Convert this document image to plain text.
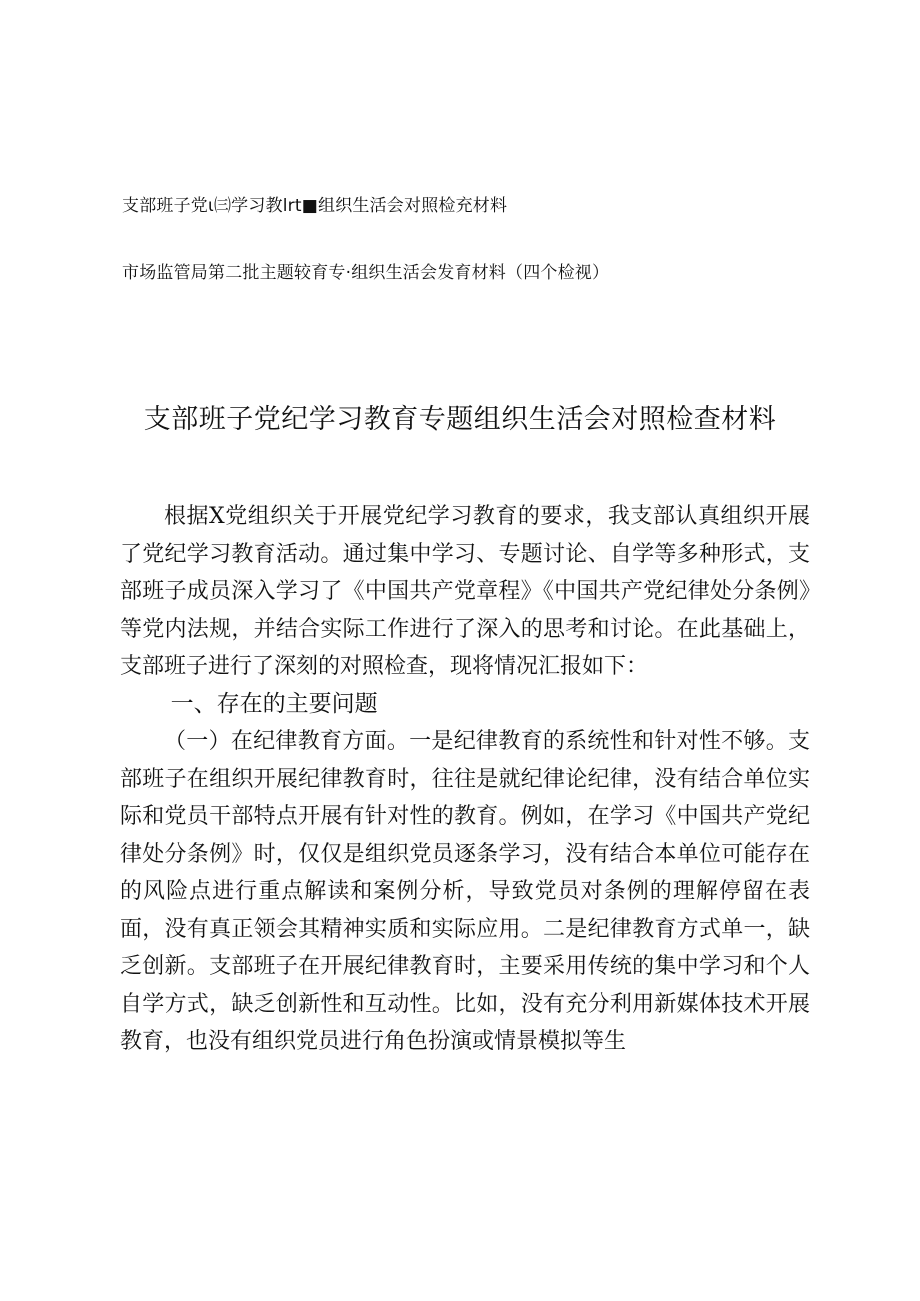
支部班子党ι㈢学习教lrt■组织生活会对照检充材料
市场监管局第二批主题较育专·组织生活会发育材料（四个检视）
支部班子党纪学习教育专题组织生活会对照检查材料

根据X党组织关于开展党纪学习教育的要求，我支部认真组织开展了党纪学习教育活动。通过集中学习、专题讨论、自学等多种形式，支部班子成员深入学习了《中国共产党章程》《中国共产党纪律处分条例》等党内法规，并结合实际工作进行了深入的思考和讨论。在此基础上，支部班子进行了深刻的对照检查，现将情况汇报如下：

一、存在的主要问题

（一）在纪律教育方面。一是纪律教育的系统性和针对性不够。支部班子在组织开展纪律教育时，往往是就纪律论纪律，没有结合单位实际和党员干部特点开展有针对性的教育。例如，在学习《中国共产党纪律处分条例》时，仅仅是组织党员逐条学习，没有结合本单位可能存在的风险点进行重点解读和案例分析，导致党员对条例的理解停留在表面，没有真正领会其精神实质和实际应用。二是纪律教育方式单一，缺乏创新。支部班子在开展纪律教育时，主要采用传统的集中学习和个人自学方式，缺乏创新性和互动性。比如，没有充分利用新媒体技术开展教育，也没有组织党员进行角色扮演或情景模拟等生
